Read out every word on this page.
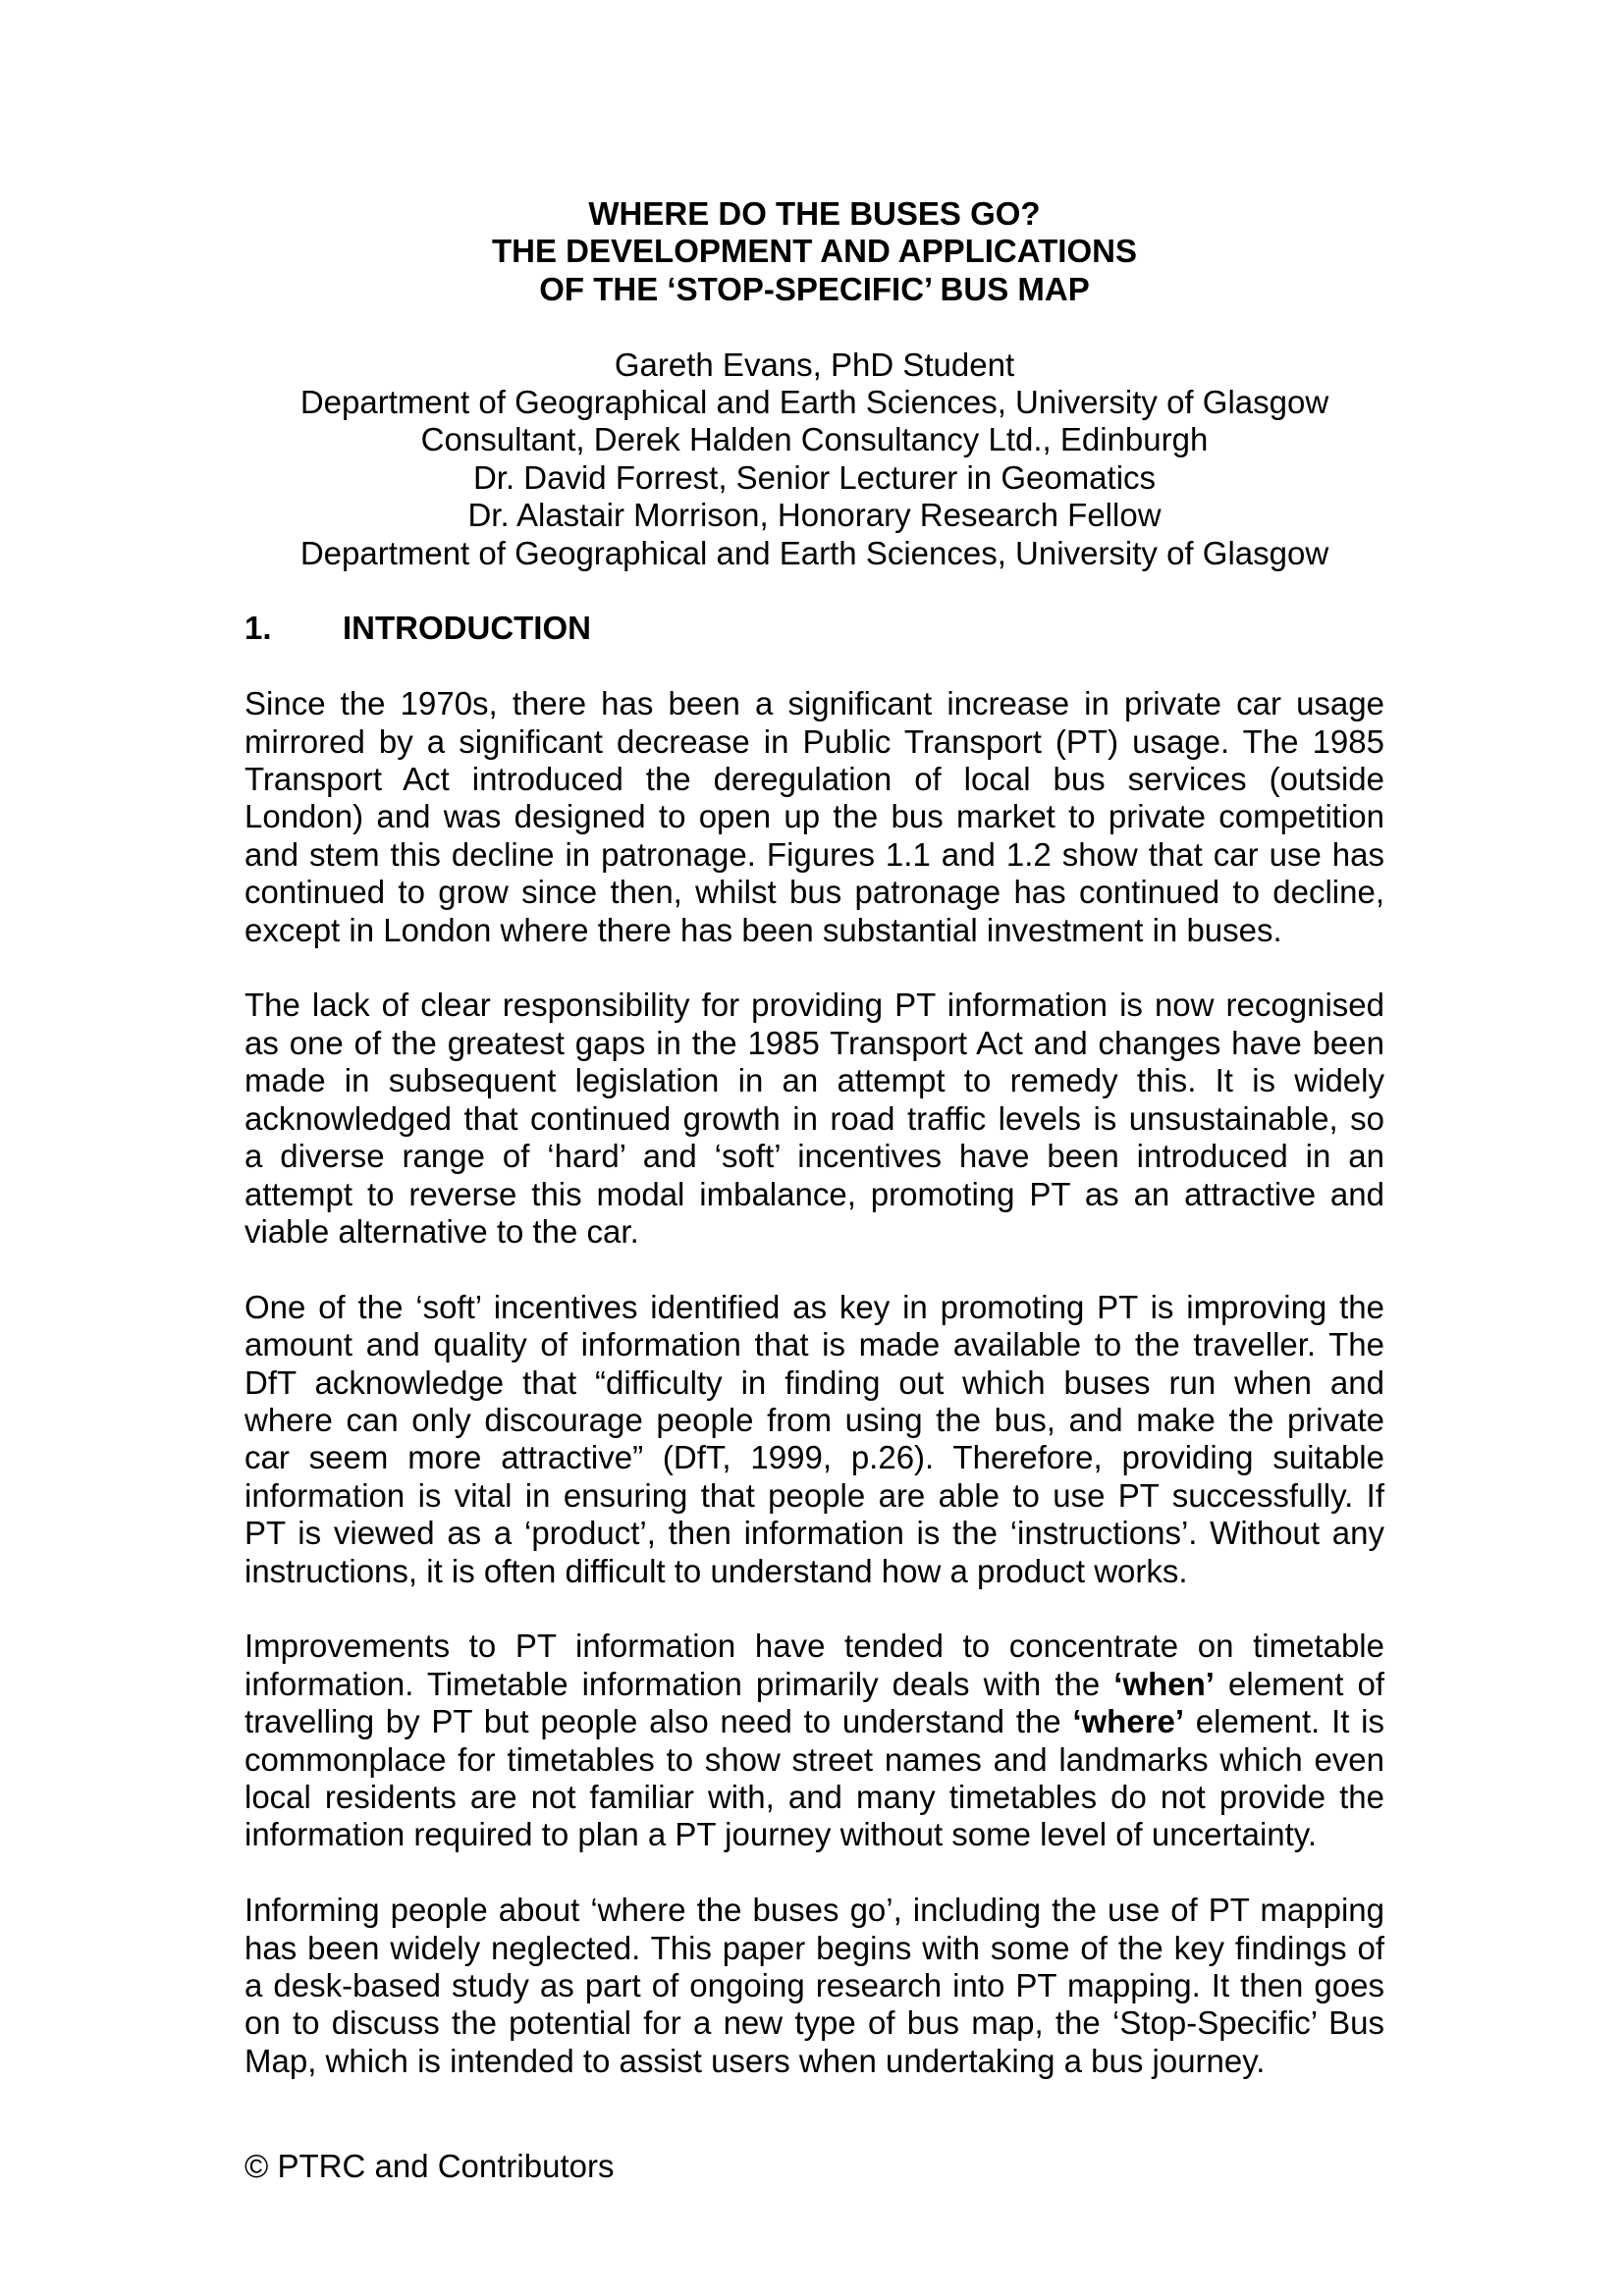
WHERE DO THE BUSES GO?
THE DEVELOPMENT AND APPLICATIONS
OF THE ‘STOP-SPECIFIC’ BUS MAP
Gareth Evans, PhD Student
Department of Geographical and Earth Sciences, University of Glasgow
Consultant, Derek Halden Consultancy Ltd., Edinburgh
Dr. David Forrest, Senior Lecturer in Geomatics
Dr. Alastair Morrison, Honorary Research Fellow
Department of Geographical and Earth Sciences, University of Glasgow
1. INTRODUCTION
Since the 1970s, there has been a significant increase in private car usage
mirrored by a significant decrease in Public Transport (PT) usage. The 1985
Transport Act introduced the deregulation of local bus services (outside
London) and was designed to open up the bus market to private competition
and stem this decline in patronage. Figures 1.1 and 1.2 show that car use has
continued to grow since then, whilst bus patronage has continued to decline,
except in London where there has been substantial investment in buses.
The lack of clear responsibility for providing PT information is now recognised
as one of the greatest gaps in the 1985 Transport Act and changes have been
made in subsequent legislation in an attempt to remedy this. It is widely
acknowledged that continued growth in road traffic levels is unsustainable, so
a diverse range of ‘hard’ and ‘soft’ incentives have been introduced in an
attempt to reverse this modal imbalance, promoting PT as an attractive and
viable alternative to the car.
One of the ‘soft’ incentives identified as key in promoting PT is improving the
amount and quality of information that is made available to the traveller. The
DfT acknowledge that “difficulty in finding out which buses run when and
where can only discourage people from using the bus, and make the private
car seem more attractive” (DfT, 1999, p.26). Therefore, providing suitable
information is vital in ensuring that people are able to use PT successfully. If
PT is viewed as a ‘product’, then information is the ‘instructions’. Without any
instructions, it is often difficult to understand how a product works.
Improvements to PT information have tended to concentrate on timetable
information. Timetable information primarily deals with the ‘when’ element of
travelling by PT but people also need to understand the ‘where’ element. It is
commonplace for timetables to show street names and landmarks which even
local residents are not familiar with, and many timetables do not provide the
information required to plan a PT journey without some level of uncertainty.
Informing people about ‘where the buses go’, including the use of PT mapping
has been widely neglected. This paper begins with some of the key findings of
a desk-based study as part of ongoing research into PT mapping. It then goes
on to discuss the potential for a new type of bus map, the ‘Stop-Specific’ Bus
Map, which is intended to assist users when undertaking a bus journey.
© PTRC and Contributors
